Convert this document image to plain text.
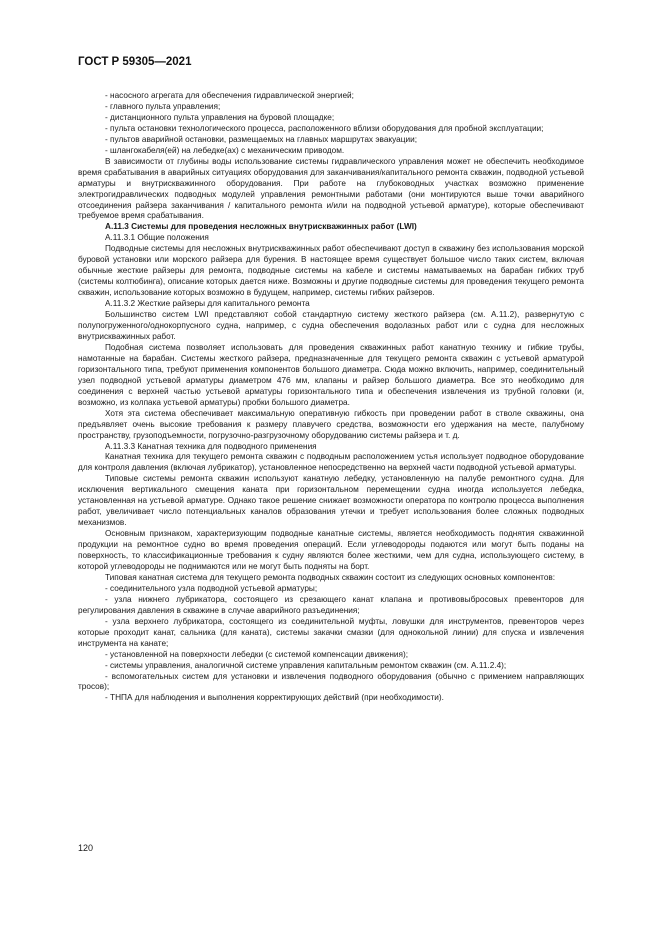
ГОСТ Р 59305—2021

- насосного агрегата для обеспечения гидравлической энергией;

- главного пульта управления;

- дистанционного пульта управления на буровой площадке;

- пульта остановки технологического процесса, расположенного вблизи оборудования для пробной эксплуатации;

- пультов аварийной остановки, размещаемых на главных маршрутах эвакуации;

- шлангокабеля(ей) на лебедке(ах) с механическим приводом.

В зависимости от глубины воды использование системы гидравлического управления может не обеспечить необходимое время срабатывания в аварийных ситуациях оборудования для заканчивания/капитального ремонта скважин, подводной устьевой арматуры и внутрискважинного оборудования. При работе на глубоководных участках возможно применение электрогидравлических подводных модулей управления ремонтными работами (они монтируются выше точки аварийного отсоединения райзера заканчивания / капитального ремонта и/или на подводной устьевой арматуре), которые обеспечивают требуемое время срабатывания.

А.11.3 Системы для проведения несложных внутрискважинных работ (LWI)

А.11.3.1 Общие положения

Подводные системы для несложных внутрискважинных работ обеспечивают доступ в скважину без использования морской буровой установки или морского райзера для бурения. В настоящее время существует большое число таких систем, включая обычные жесткие райзеры для ремонта, подводные системы на кабеле и системы наматываемых на барабан гибких труб (системы колтюбинга), описание которых дается ниже. Возможны и другие подводные системы для проведения текущего ремонта скважин, использование которых возможно в будущем, например, системы гибких райзеров.

А.11.3.2 Жесткие райзеры для капитального ремонта

Большинство систем LWI представляют собой стандартную систему жесткого райзера (см. А.11.2), развернутую с полупогруженного/однокорпусного судна, например, с судна обеспечения водолазных работ или с судна для несложных внутрискважинных работ.

Подобная система позволяет использовать для проведения скважинных работ канатную технику и гибкие трубы, намотанные на барабан. Системы жесткого райзера, предназначенные для текущего ремонта скважин с устьевой арматурой горизонтального типа, требуют применения компонентов большого диаметра. Сюда можно включить, например, соединительный узел подводной устьевой арматуры диаметром 476 мм, клапаны и райзер большого диаметра. Все это необходимо для соединения с верхней частью устьевой арматуры горизонтального типа и обеспечения извлечения из трубной головки (и, возможно, из колпака устьевой арматуры) пробки большого диаметра.

Хотя эта система обеспечивает максимальную оперативную гибкость при проведении работ в стволе скважины, она предъявляет очень высокие требования к размеру плавучего средства, возможности его удержания на месте, палубному пространству, грузоподъемности, погрузочно-разгрузочному оборудованию системы райзера и т. д.

А.11.3.3 Канатная техника для подводного применения

Канатная техника для текущего ремонта скважин с подводным расположением устья использует подводное оборудование для контроля давления (включая лубрикатор), установленное непосредственно на верхней части подводной устьевой арматуры.

Типовые системы ремонта скважин используют канатную лебедку, установленную на палубе ремонтного судна. Для исключения вертикального смещения каната при горизонтальном перемещении судна иногда используется лебедка, установленная на устьевой арматуре. Однако такое решение снижает возможности оператора по контролю процесса выполнения работ, увеличивает число потенциальных каналов образования утечки и требует использования более сложных подводных механизмов.

Основным признаком, характеризующим подводные канатные системы, является необходимость поднятия скважинной продукции на ремонтное судно во время проведения операций. Если углеводороды подаются или могут быть поданы на поверхность, то классификационные требования к судну являются более жесткими, чем для судна, использующего систему, в которой углеводороды не поднимаются или не могут быть подняты на борт.

Типовая канатная система для текущего ремонта подводных скважин состоит из следующих основных компонентов:

- соединительного узла подводной устьевой арматуры;

- узла нижнего лубрикатора, состоящего из срезающего канат клапана и противовыбросовых превенторов для регулирования давления в скважине в случае аварийного разъединения;

- узла верхнего лубрикатора, состоящего из соединительной муфты, ловушки для инструментов, превенторов через которые проходит канат, сальника (для каната), системы закачки смазки (для однокольной линии) для спуска и извлечения инструмента на канате;

- установленной на поверхности лебедки (с системой компенсации движения);

- системы управления, аналогичной системе управления капитальным ремонтом скважин (см. А.11.2.4);

- вспомогательных систем для установки и извлечения подводного оборудования (обычно с примением направляющих тросов);

- ТНПА для наблюдения и выполнения корректирующих действий (при необходимости).

120
